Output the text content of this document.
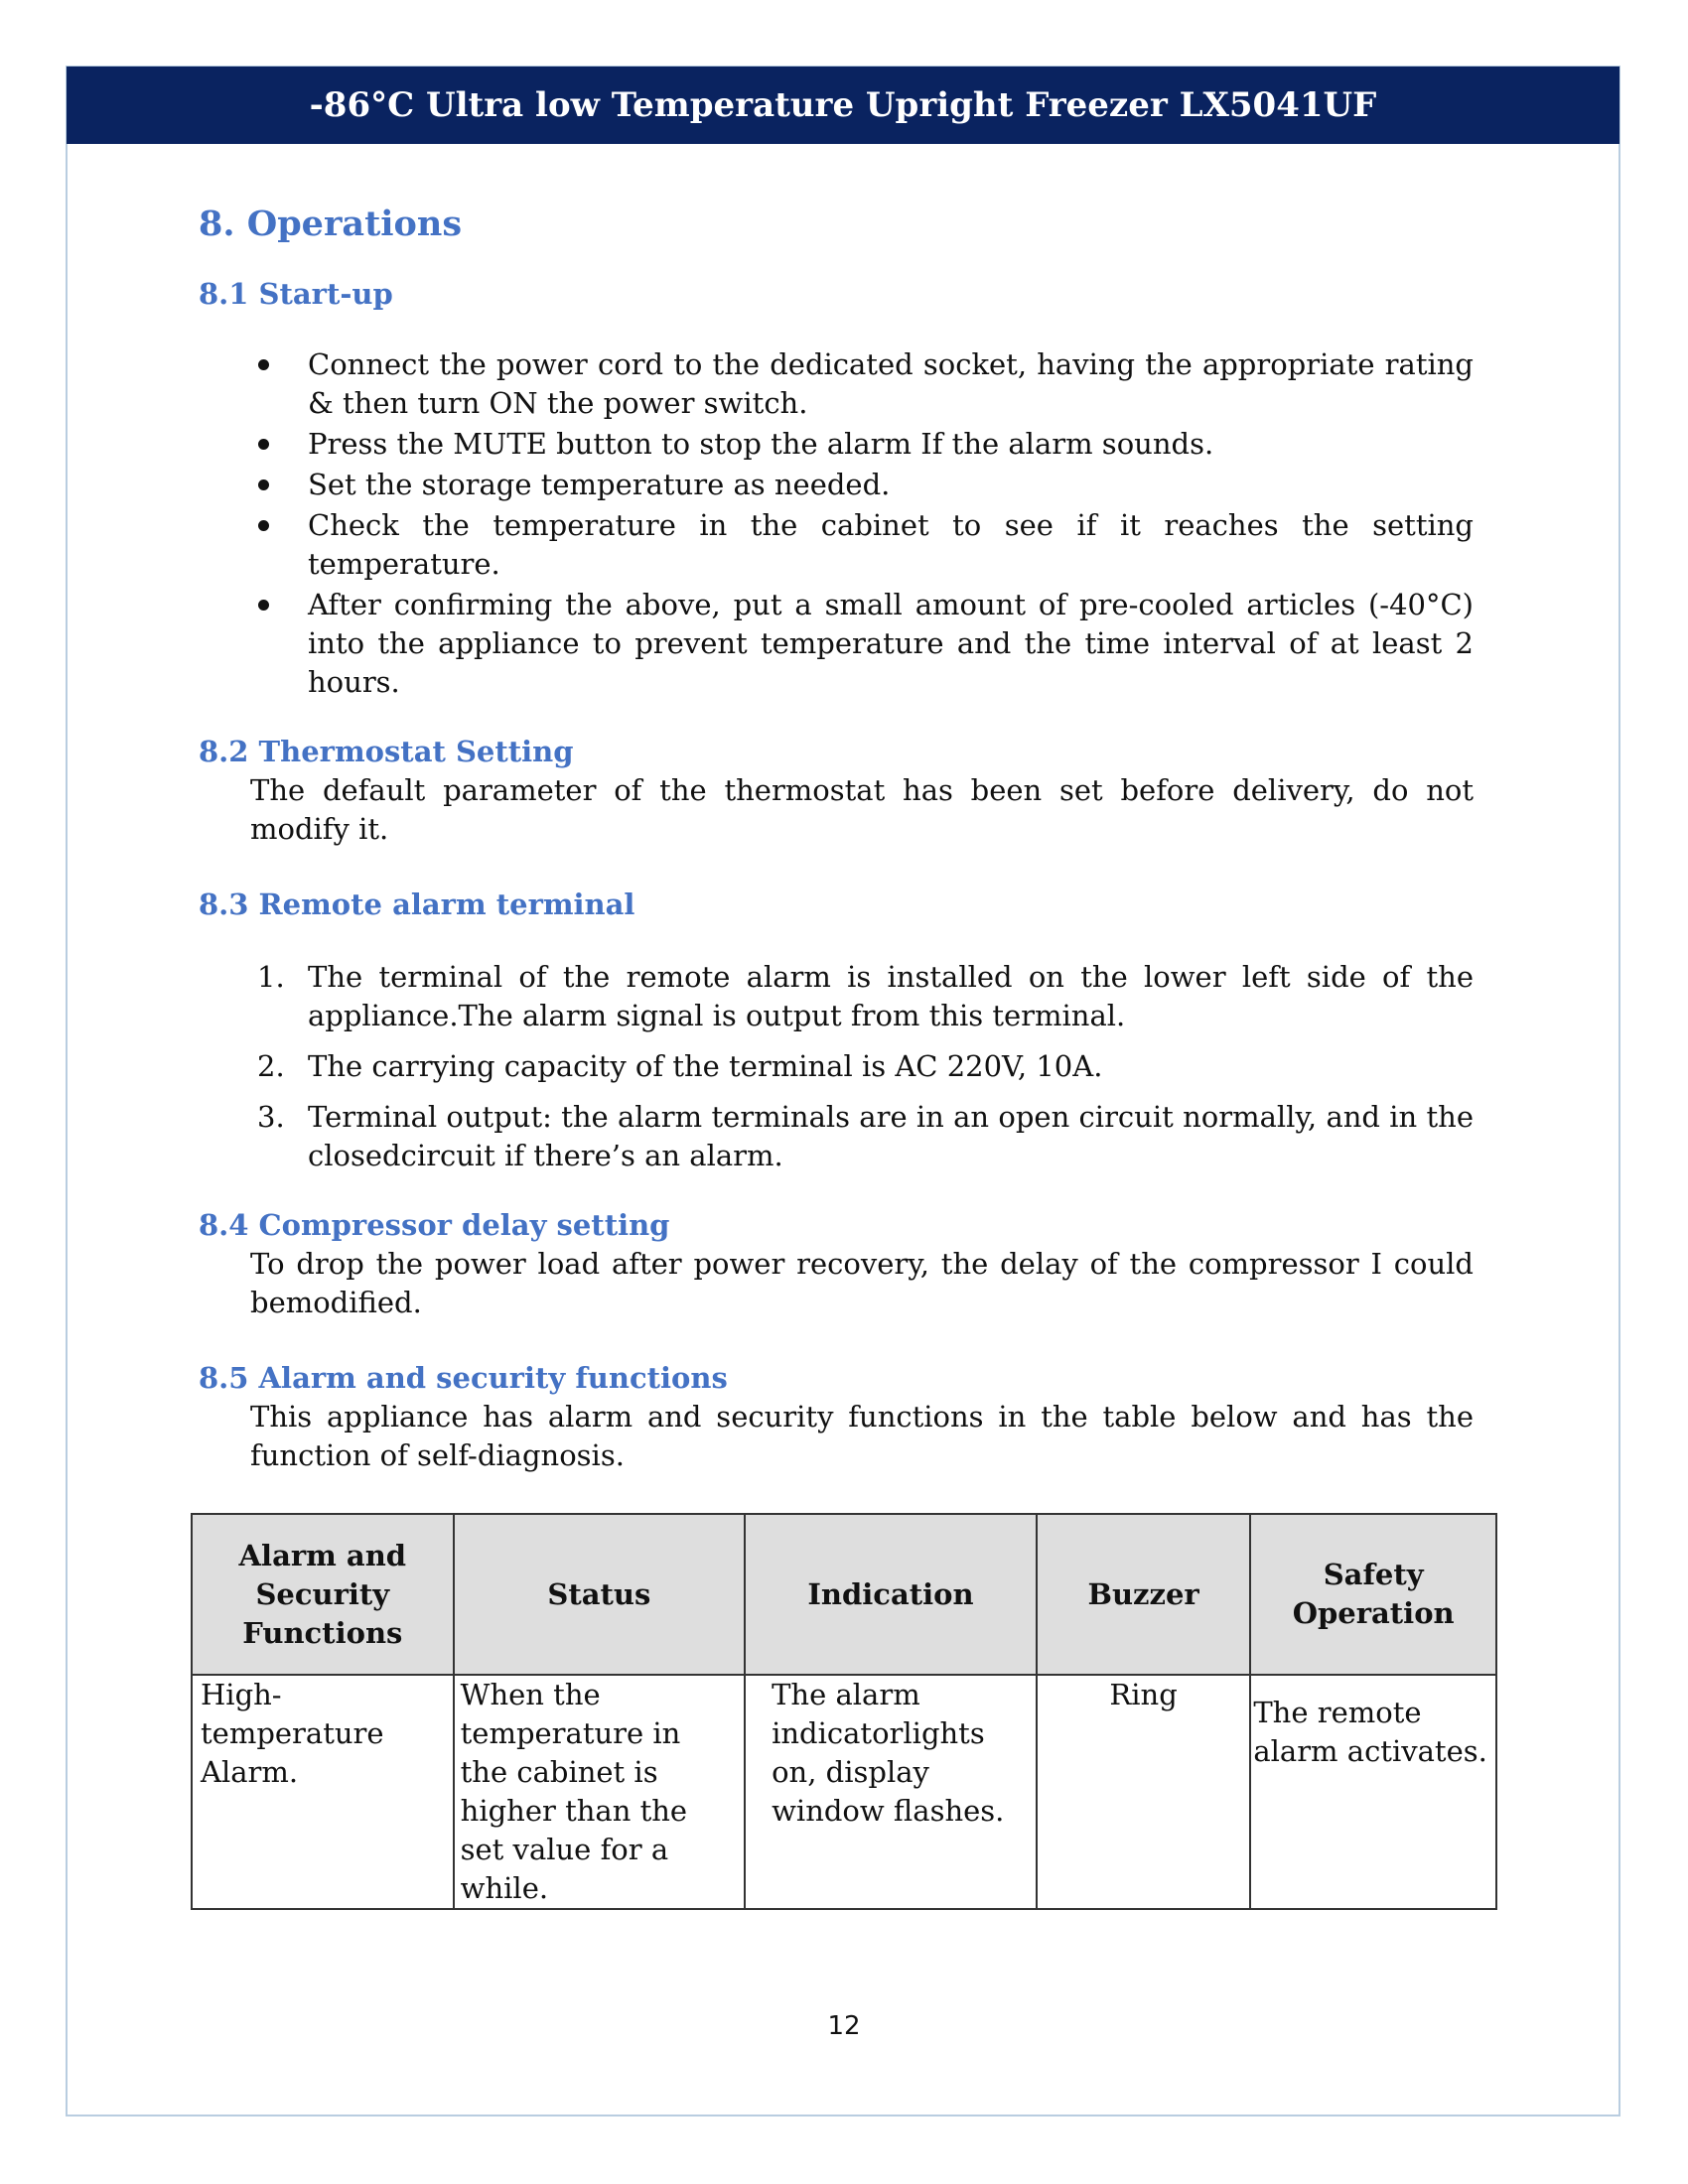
-86°C Ultra low Temperature Upright Freezer LX5041UF
8. Operations
8.1 Start-up
Connect the power cord to the dedicated socket, having the appropriate rating & then turn ON the power switch.
Press the MUTE button to stop the alarm If the alarm sounds.
Set the storage temperature as needed.
Check the temperature in the cabinet to see if it reaches the setting temperature.
After confirming the above, put a small amount of pre-cooled articles (-40°C) into the appliance to prevent temperature and the time interval of at least 2 hours.
8.2 Thermostat Setting

The default parameter of the thermostat has been set before delivery, do not modify it.

8.3 Remote alarm terminal
1. The terminal of the remote alarm is installed on the lower left side of the appliance.The alarm signal is output from this terminal.
2. The carrying capacity of the terminal is AC 220V, 10A.
3. Terminal output: the alarm terminals are in an open circuit normally, and in the closedcircuit if there’s an alarm.
8.4 Compressor delay setting

To drop the power load after power recovery, the delay of the compressor I could bemodified.

8.5 Alarm and security functions

This appliance has alarm and security functions in the table below and has the function of self-diagnosis.

Alarm and Security Functions	Status	Indication	Buzzer	Safety Operation
High-temperature Alarm.	When the temperature in the cabinet is higher than the set value for a while.	The alarm indicatorlights on, display window flashes.	Ring	The remote alarm activates.
12
